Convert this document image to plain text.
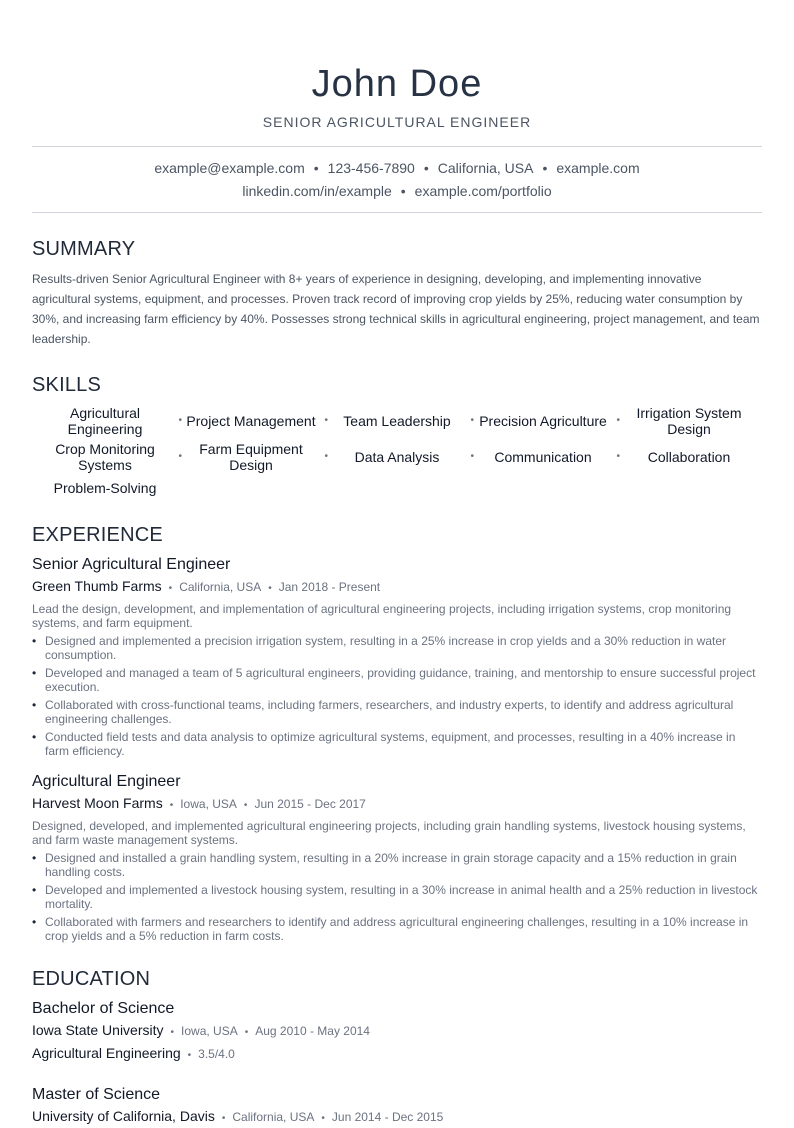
John Doe
SENIOR AGRICULTURAL ENGINEER
example@example.com • 123-456-7890 • California, USA • example.com
linkedin.com/in/example • example.com/portfolio
SUMMARY
Results-driven Senior Agricultural Engineer with 8+ years of experience in designing, developing, and implementing innovative agricultural systems, equipment, and processes. Proven track record of improving crop yields by 25%, reducing water consumption by 30%, and increasing farm efficiency by 40%. Possesses strong technical skills in agricultural engineering, project management, and team leadership.
SKILLS
Agricultural Engineering •	Project Management •	Team Leadership •	Precision Agriculture •	Irrigation System Design
Crop Monitoring Systems •
Farm Equipment Design •	Data Analysis •	Communication •	Collaboration
Problem-Solving
EXPERIENCE
Senior Agricultural Engineer
Green Thumb Farms • California, USA • Jan 2018 - Present
Lead the design, development, and implementation of agricultural engineering projects, including irrigation systems, crop monitoring systems, and farm equipment.
• Designed and implemented a precision irrigation system, resulting in a 25% increase in crop yields and a 30% reduction in water consumption.
• Developed and managed a team of 5 agricultural engineers, providing guidance, training, and mentorship to ensure successful project execution.
• Collaborated with cross-functional teams, including farmers, researchers, and industry experts, to identify and address agricultural engineering challenges.
• Conducted field tests and data analysis to optimize agricultural systems, equipment, and processes, resulting in a 40% increase in farm efficiency.
Agricultural Engineer
Harvest Moon Farms • Iowa, USA • Jun 2015 - Dec 2017
Designed, developed, and implemented agricultural engineering projects, including grain handling systems, livestock housing systems, and farm waste management systems.
• Designed and installed a grain handling system, resulting in a 20% increase in grain storage capacity and a 15% reduction in grain handling costs.
• Developed and implemented a livestock housing system, resulting in a 30% increase in animal health and a 25% reduction in livestock mortality.
• Collaborated with farmers and researchers to identify and address agricultural engineering challenges, resulting in a 10% increase in crop yields and a 5% reduction in farm costs.
EDUCATION
Bachelor of Science
Iowa State University • Iowa, USA • Aug 2010 - May 2014
Agricultural Engineering • 3.5/4.0
Master of Science
University of California, Davis • California, USA • Jun 2014 - Dec 2015
